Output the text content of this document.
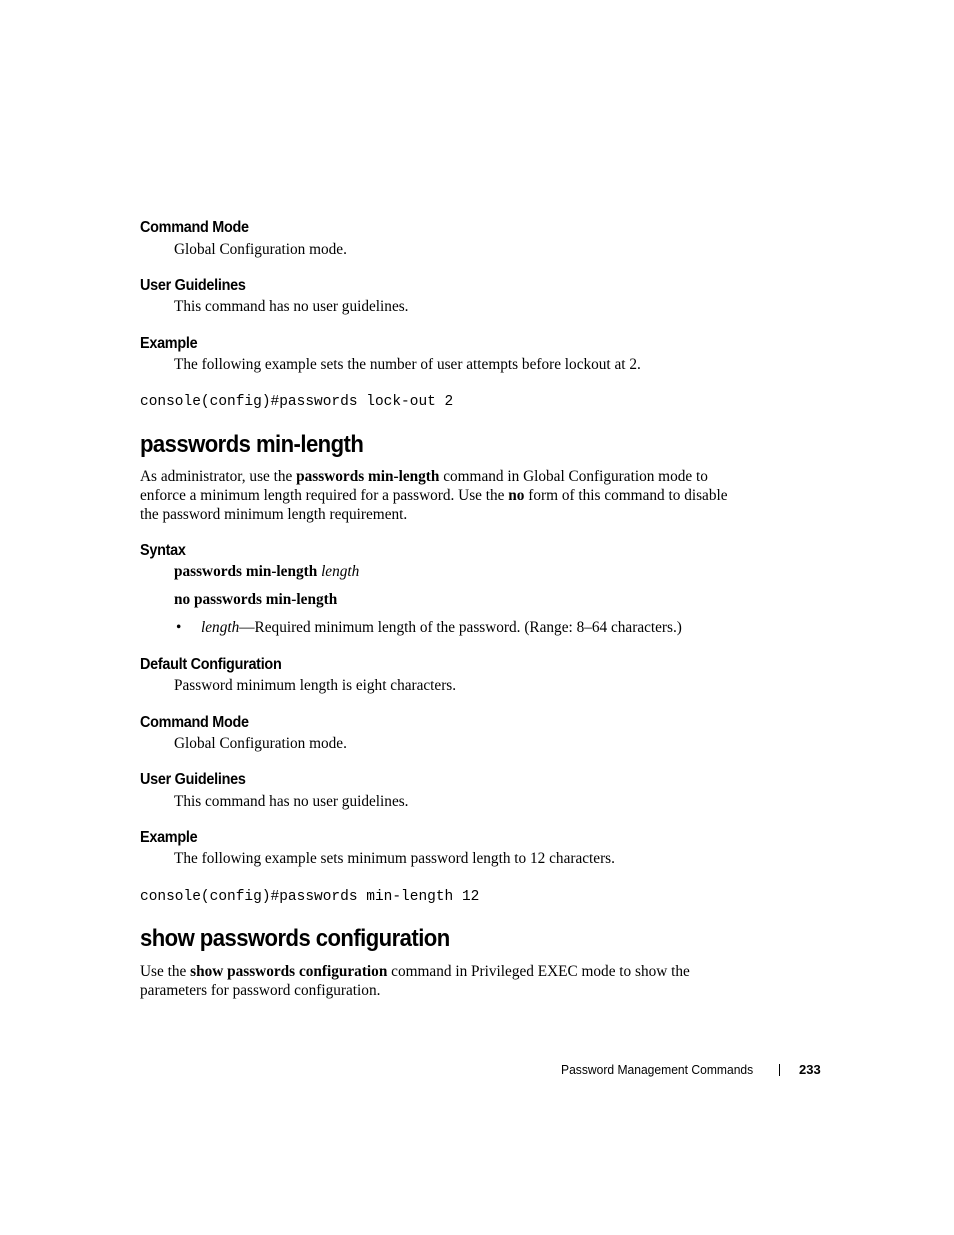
Command Mode
Global Configuration mode.
User Guidelines
This command has no user guidelines.
Example
The following example sets the number of user attempts before lockout at 2.
console(config)#passwords lock-out 2
passwords min-length
As administrator, use the passwords min-length command in Global Configuration mode to
enforce a minimum length required for a password. Use the no form of this command to disable
the password minimum length requirement.
Syntax
passwords min-length length
no passwords min-length
• length—Required minimum length of the password. (Range: 8–64 characters.)
Default Configuration
Password minimum length is eight characters.
Command Mode
Global Configuration mode.
User Guidelines
This command has no user guidelines.
Example
The following example sets minimum password length to 12 characters.
console(config)#passwords min-length 12
show passwords configuration
Use the show passwords configuration command in Privileged EXEC mode to show the
parameters for password configuration.
Password Management Commands	233
